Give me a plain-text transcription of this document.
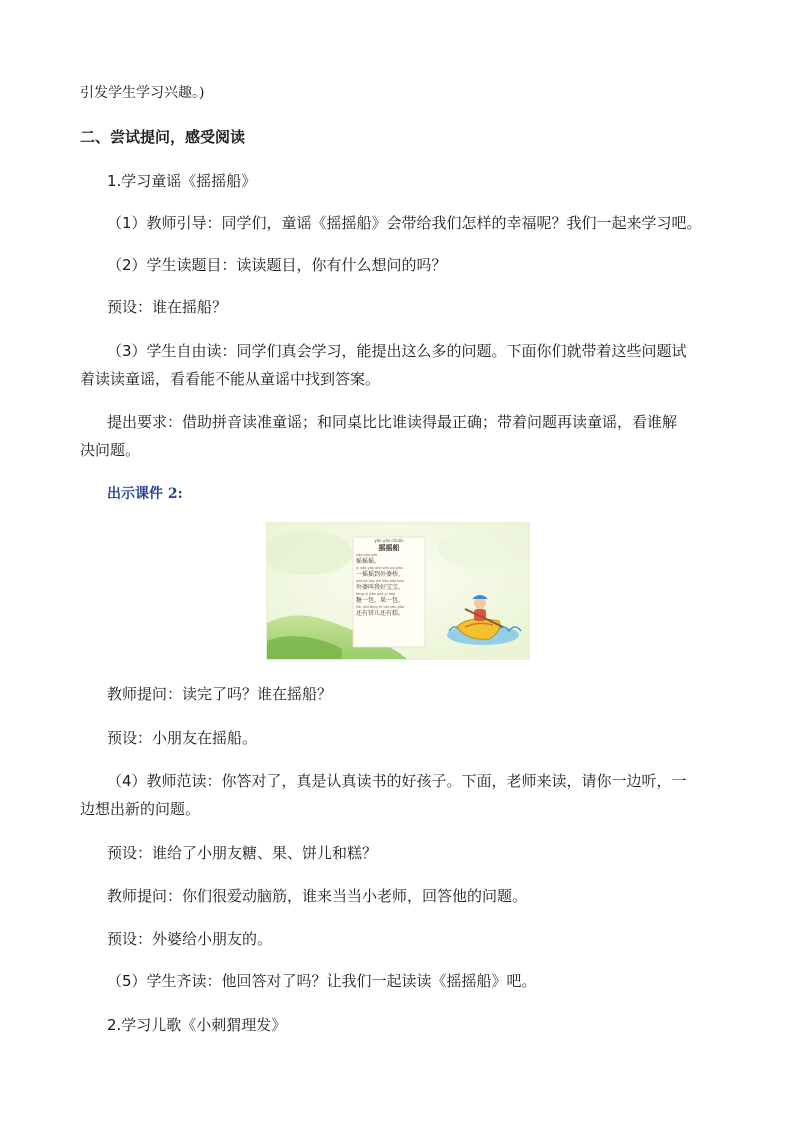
引发学生学习兴趣。)
二、尝试提问，感受阅读
1.学习童谣《摇摇船》
（1）教师引导：同学们，童谣《摇摇船》会带给我们怎样的幸福呢？我们一起来学习吧。
（2）学生读题目：读读题目，你有什么想问的吗？
预设：谁在摇船？
（3）学生自由读：同学们真会学习，能提出这么多的问题。下面你们就带着这些问题试
着读读童谣，看看能不能从童谣中找到答案。
提出要求：借助拼音读准童谣；和同桌比比谁读得最正确；带着问题再读童谣，看谁解
决问题。
出示课件 2:
yáo yáo chuán
摇摇船
yáo yáo yáo
摇摇摇，
yì yáo yáo dào wài pó qiáo
一摇摇到外婆桥，
wài pó jiào wǒ hǎo bǎo bao
外婆叫我好宝宝，
táng yì bāo guǒ yì bāo
糖一包，果一包，
hái yǒu bǐng ér hái yǒu gāo
还有饼儿还有糕。
教师提问：读完了吗？谁在摇船？
预设：小朋友在摇船。
（4）教师范读：你答对了，真是认真读书的好孩子。下面，老师来读，请你一边听，一
边想出新的问题。
预设：谁给了小朋友糖、果、饼儿和糕？
教师提问：你们很爱动脑筋，谁来当当小老师，回答他的问题。
预设：外婆给小朋友的。
（5）学生齐读：他回答对了吗？让我们一起读读《摇摇船》吧。
2.学习儿歌《小刺猬理发》
